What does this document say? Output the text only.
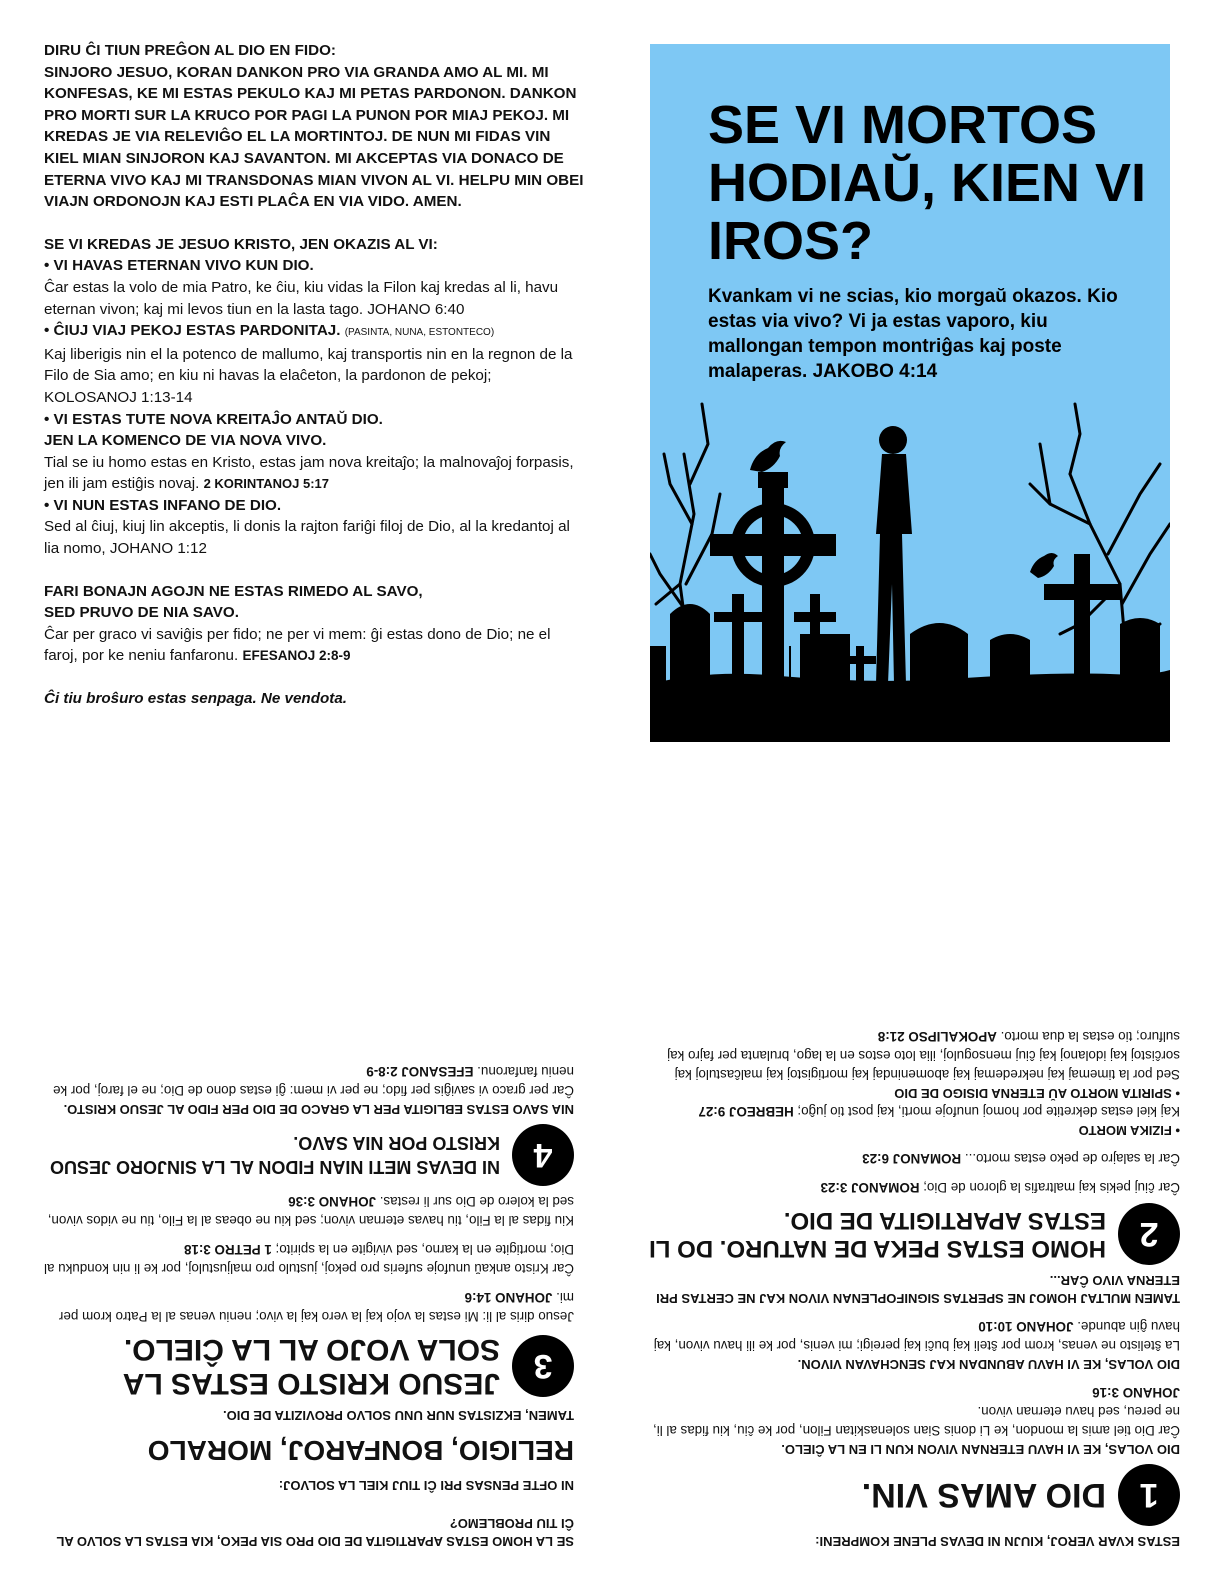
DIRU ĈI TIUN PREĜON AL DIO EN FIDO:

SINJORO JESUO, KORAN DANKON PRO VIA GRANDA AMO AL MI. MI KONFESAS, KE MI ESTAS PEKULO KAJ MI PETAS PARDONON. DANKON PRO MORTI SUR LA KRUCO POR PAGI LA PUNON POR MIAJ PEKOJ. MI KREDAS JE VIA RELEVIĜO EL LA MORTINTOJ. DE NUN MI FIDAS VIN KIEL MIAN SINJORON KAJ SAVANTON. MI AKCEPTAS VIA DONACO DE ETERNA VIVO KAJ MI TRANSDONAS MIAN VIVON AL VI. HELPU MIN OBEI VIAJN ORDONOJN KAJ ESTI PLAĈA EN VIA VIDO. AMEN.

SE VI KREDAS JE JESUO KRISTO, JEN OKAZIS AL VI:

• VI HAVAS ETERNAN VIVO KUN DIO.

Ĉar estas la volo de mia Patro, ke ĉiu, kiu vidas la Filon kaj kredas al li, havu eternan vivon; kaj mi levos tiun en la lasta tago. JOHANO 6:40

• ĈIUJ VIAJ PEKOJ ESTAS PARDONITAJ. (PASINTA, NUNA, ESTONTECO)

Kaj liberigis nin el la potenco de mallumo, kaj transportis nin en la regnon de la Filo de Sia amo; en kiu ni havas la elaĉeton, la pardonon de pekoj; KOLOSANOJ 1:13-14

• VI ESTAS TUTE NOVA KREITAĴO ANTAŬ DIO.

JEN LA KOMENCO DE VIA NOVA VIVO.

Tial se iu homo estas en Kristo, estas jam nova kreitaĵo; la malnovaĵoj forpasis, jen ili jam estiĝis novaj. 2 KORINTANOJ 5:17

• VI NUN ESTAS INFANO DE DIO.

Sed al ĉiuj, kiuj lin akceptis, li donis la rajton fariĝi filoj de Dio, al la kredantoj al lia nomo, JOHANO 1:12

FARI BONAJN AGOJN NE ESTAS RIMEDO AL SAVO,

SED PRUVO DE NIA SAVO.

Ĉar per graco vi saviĝis per fido; ne per vi mem: ĝi estas dono de Dio; ne el faroj, por ke neniu fanfaronu. EFESANOJ 2:8-9

Ĉi tiu broŝuro estas senpaga. Ne vendota.

SE VI MORTOS HODIAŬ, KIEN VI IROS?
Kvankam vi ne scias, kio morgaŭ okazos. Kio estas via vivo? Vi ja estas vaporo, kiu mallongan tempon montriĝas kaj poste malaperas. JAKOBO 4:14

SE LA HOMO ESTAS APARTIGITA DE DIO PRO SIA PEKO, KIA ESTAS LA SOLVO AL ĈI TIU PROBLEMO?

NI OFTE PENSAS PRI ĈI TIUJ KIEL LA SOLVOJ:

RELIGIO, BONFAROJ, MORALO

TAMEN, EKZISTAS NUR UNU SOLVO PROVIZITA DE DIO.

3
JESUO KRISTO ESTAS LA SOLA VOJO AL LA ĈIELO.

Jesuo diris al li: Mi estas la vojo kaj la vero kaj la vivo; neniu venas al la Patro krom per mi. JOHANO 14:6

Ĉar Kristo ankaŭ unufoje suferis pro pekoj, justulo pro maljustuloj, por ke li nin konduku al Dio; mortigite en la karno, sed vivigite en la spirito; 1 PETRO 3:18

Kiu fidas al la Filo, tiu havas eternan vivon; sed kiu ne obeas al la Filo, tiu ne vidos vivon, sed la kolero de Dio sur li restas. JOHANO 3:36

4
NI DEVAS METI NIAN FIDON AL LA SINJORO JESUO KRISTO POR NIA SAVO.

NIA SAVO ESTAS EBLIGITA PER LA GRACO DE DIO PER FIDO AL JESUO KRISTO.

Ĉar per graco vi saviĝis per fido; ne per vi mem: ĝi estas dono de Dio; ne el faroj, por ke neniu fanfaronu. EFESANOJ 2:8-9

ESTAS KVAR VEROJ, KIUJN NI DEVAS PLENE KOMPRENI:

1
DIO AMAS VIN.

DIO VOLAS, KE VI HAVU ETERNAN VIVON KUN LI EN LA ĈIELO.

Ĉar Dio tiel amis la mondon, ke Li donis Sian solenaskitan Filon, por ke ĉiu, kiu fidas al li, ne pereu, sed havu eternan vivon.
JOHANO 3:16

DIO VOLAS, KE VI HAVU ABUNDAN KAJ SENCHAVAN VIVON.

La ŝtelisto ne venas, krom por ŝteli kaj buĉi kaj pereigi; mi venis, por ke ili havu vivon, kaj havu ĝin abunde. JOHANO 10:10

TAMEN MULTAJ HOMOJ NE SPERTAS SIGNIFOPLENAN VIVON KAJ NE CERTAS PRI ETERNA VIVO ĈAR...

2
HOMO ESTAS PEKA DE NATURO. DO LI ESTAS APARTIGITA DE DIO.

Ĉar ĉiuj pekis kaj maltrafis la gloron de Dio; ROMANOJ 3:23

Ĉar la salajro de peko estas morto... ROMANOJ 6:23

• FIZIKA MORTO

Kaj kiel estas dekretite por homoj unufoje morti, kaj post tio juĝo; HEBREOJ 9:27

• SPIRITA MORTO AŬ ETERNA DISIGO DE DIO

Sed por la timemaj kaj nekredemaj kaj abomenindaj kaj mortigistoj kaj malĉastuloj kaj sorĉistoj kaj idolanoj kaj ĉiuj mensoguloj, ilia loto estos en la lago, brulanta per fajro kaj sulfuro; tio estas la dua morto. APOKALIPSO 21:8
